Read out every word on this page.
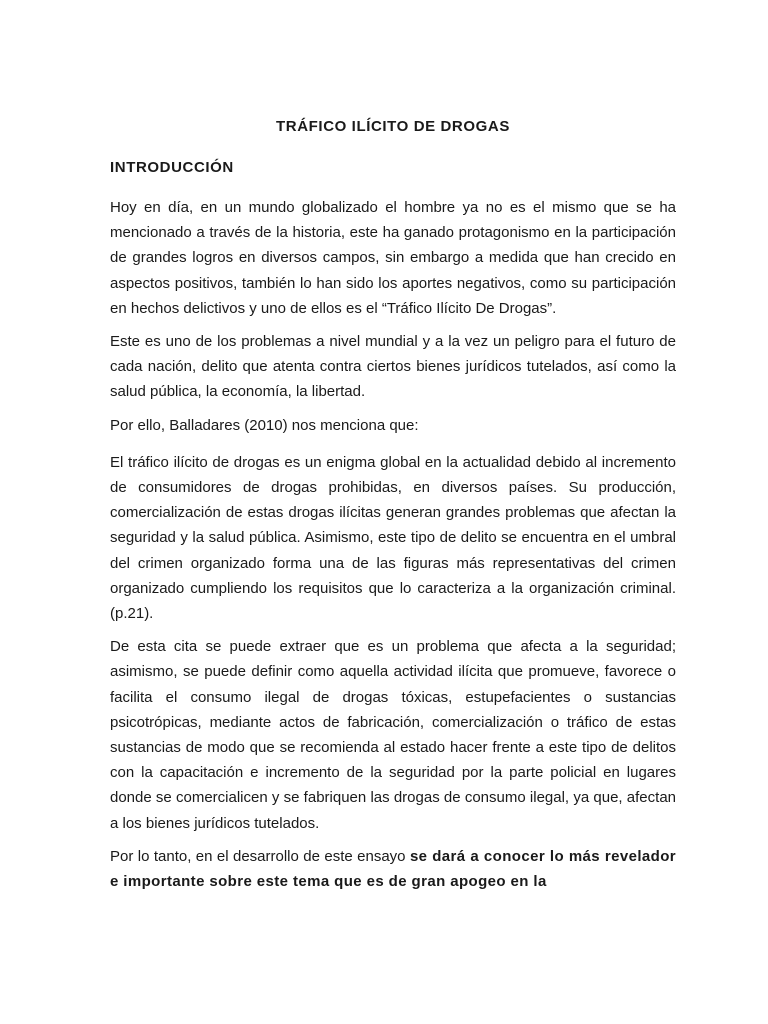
TRÁFICO ILÍCITO DE DROGAS
INTRODUCCIÓN

Hoy en día, en un mundo globalizado el hombre ya no es el mismo que se ha mencionado a través de la historia, este ha ganado protagonismo en la participación de grandes logros en diversos campos, sin embargo a medida que han crecido en aspectos positivos, también lo han sido los aportes negativos, como su participación en hechos delictivos y uno de ellos es el “Tráfico Ilícito De Drogas”.

Este es uno de los problemas a nivel mundial y a la vez un peligro para el futuro de cada nación, delito que atenta contra ciertos bienes jurídicos tutelados, así como la salud pública, la economía, la libertad.

Por ello, Balladares (2010) nos menciona que:

El tráfico ilícito de drogas es un enigma global en la actualidad debido al incremento de consumidores de drogas prohibidas, en diversos países. Su producción, comercialización de estas drogas ilícitas generan grandes problemas que afectan la seguridad y la salud pública. Asimismo, este tipo de delito se encuentra en el umbral del crimen organizado forma una de las figuras más representativas del crimen organizado cumpliendo los requisitos que lo caracteriza a la organización criminal. (p.21).

De esta cita se puede extraer que es un problema que afecta a la seguridad; asimismo, se puede definir como aquella actividad ilícita que promueve, favorece o facilita el consumo ilegal de drogas tóxicas, estupefacientes o sustancias psicotrópicas, mediante actos de fabricación, comercialización o tráfico de estas sustancias de modo que se recomienda al estado hacer frente a este tipo de delitos con la capacitación e incremento de la seguridad por la parte policial en lugares donde se comercialicen y se fabriquen las drogas de consumo ilegal, ya que, afectan a los bienes jurídicos tutelados.

Por lo tanto, en el desarrollo de este ensayo se dará a conocer lo más revelador e importante sobre este tema que es de gran apogeo en la
